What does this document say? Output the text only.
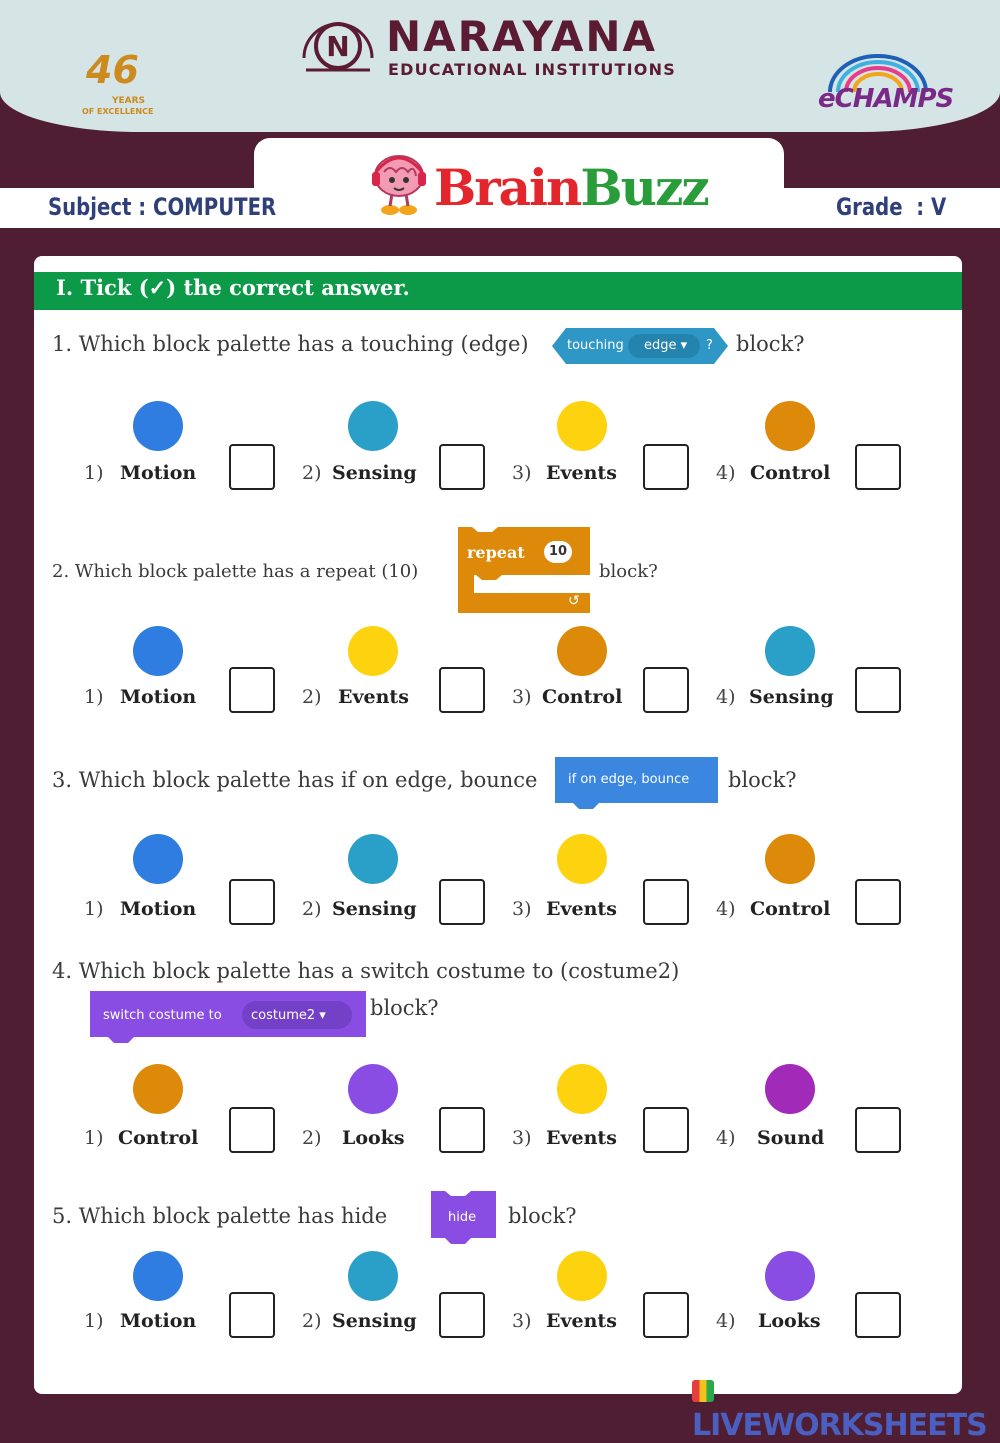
N NARAYANA
EDUCATIONAL INSTITUTIONS
46
YEARS
OF EXCELLENCE	eCHAMPS
Subject : COMPUTER	Grade  : V
BrainBuzz
I. Tick (✓) the correct answer.
1. Which block palette has a touching (edge)	touching edge ▾ ? block?
1) Motion	2) Sensing	3) Events	4) Control
2. Which block palette has a repeat (10)
repeat	10
↺
block?
1) Motion	2) Events	3) Control	4) Sensing
3. Which block palette has if on edge, bounce if on edge, bounce block?
1) Motion	2) Sensing	3) Events	4) Control
4. Which block palette has a switch costume to (costume2)
switch costume to costume2 ▾ block?
1) Control	2) Looks	3) Events	4) Sound
5. Which block palette has hide	hide block?
1) Motion	2) Sensing	3) Events	4) Looks
LIVEWORKSHEETS
